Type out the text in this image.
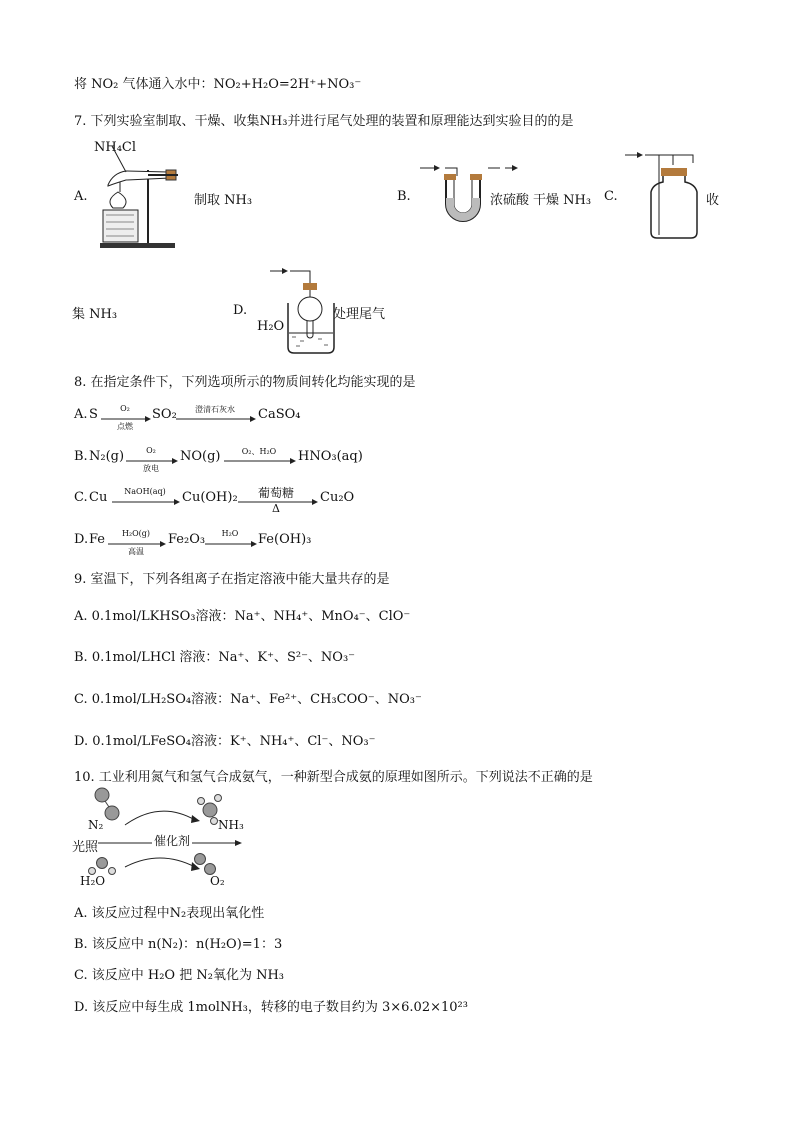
将 NO₂ 气体通入水中：NO₂+H₂O=2H⁺+NO₃⁻
7. 下列实验室制取、干燥、收集NH₃并进行尾气处理的装置和原理能达到实验目的的是
A.
NH₄Cl
制取 NH₃	B.	浓硫酸 干燥 NH₃ C.	收
集 NH₃	D.
H₂O
处理尾气
8. 在指定条件下，下列选项所示的物质间转化均能实现的是
A. S	O₂
点燃
SO₂	澄清石灰水	CaSO₄
B. N₂(g)	O₂
放电
NO(g)	O₂、H₂O	HNO₃(aq)
C. Cu	NaOH(aq)	Cu(OH)₂	葡萄糖
Δ
Cu₂O
D. Fe	H₂O(g)
高温
Fe₂O₃	H₂O	Fe(OH)₃
9. 室温下，下列各组离子在指定溶液中能大量共存的是
A. 0.1mol/LKHSO₃溶液：Na⁺、NH₄⁺、MnO₄⁻、ClO⁻
B. 0.1mol/LHCl 溶液：Na⁺、K⁺、S²⁻、NO₃⁻
C. 0.1mol/LH₂SO₄溶液：Na⁺、Fe²⁺、CH₃COO⁻、NO₃⁻
D. 0.1mol/LFeSO₄溶液：K⁺、NH₄⁺、Cl⁻、NO₃⁻
10. 工业利用氮气和氢气合成氨气，一种新型合成氨的原理如图所示。下列说法不正确的是
N₂	NH₃
光照	催化剂
H₂O	O₂
A. 该反应过程中N₂表现出氧化性
B. 该反应中 n(N₂)：n(H₂O)=1：3
C. 该反应中 H₂O 把 N₂氧化为 NH₃
D. 该反应中每生成 1molNH₃，转移的电子数目约为 3×6.02×10²³
